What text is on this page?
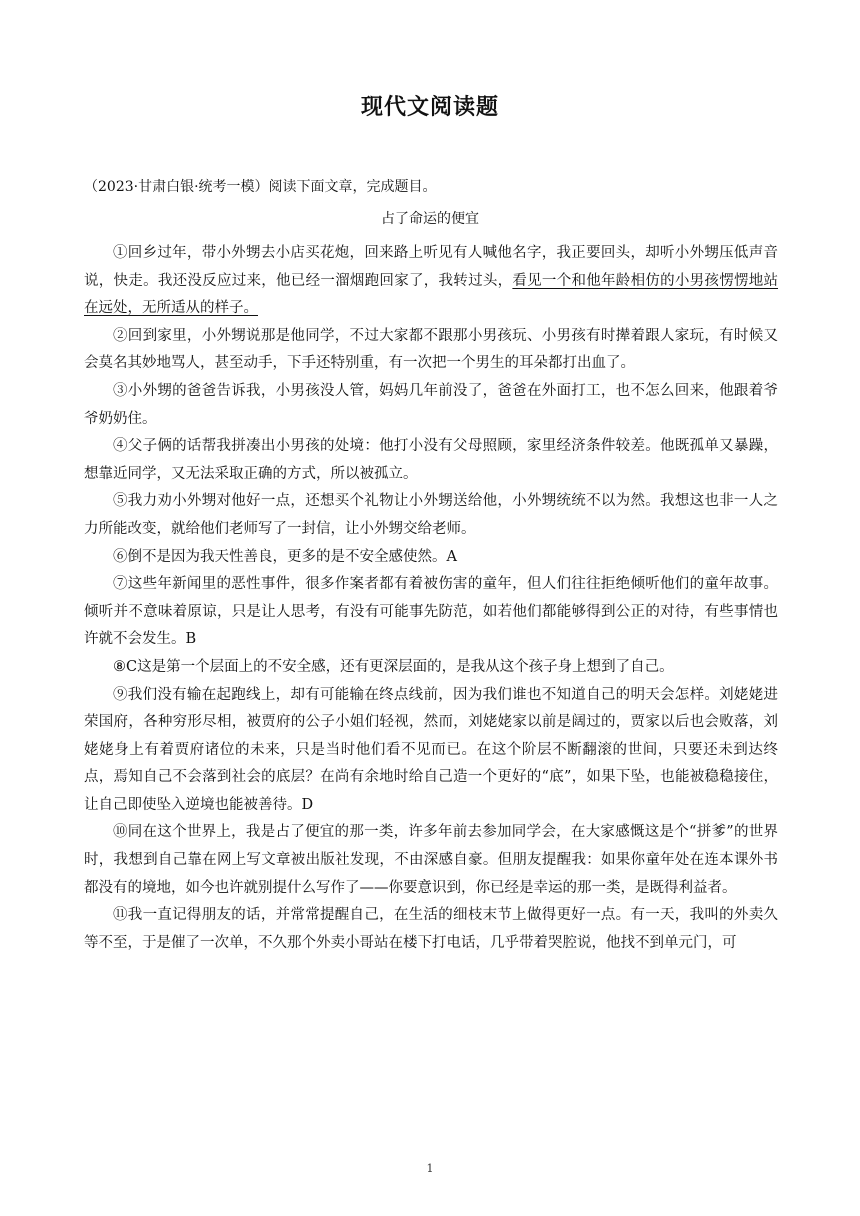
现代文阅读题
（2023·甘肃白银·统考一模）阅读下面文章，完成题目。
占了命运的便宜

①回乡过年，带小外甥去小店买花炮，回来路上听见有人喊他名字，我正要回头，却听小外甥压低声音说，快走。我还没反应过来，他已经一溜烟跑回家了，我转过头，看见一个和他年龄相仿的小男孩愣愣地站在远处，无所适从的样子。

②回到家里，小外甥说那是他同学，不过大家都不跟那小男孩玩、小男孩有时撵着跟人家玩，有时候又会莫名其妙地骂人，甚至动手，下手还特别重，有一次把一个男生的耳朵都打出血了。

③小外甥的爸爸告诉我，小男孩没人管，妈妈几年前没了，爸爸在外面打工，也不怎么回来，他跟着爷爷奶奶住。

④父子俩的话帮我拼凑出小男孩的处境：他打小没有父母照顾，家里经济条件较差。他既孤单又暴躁，想靠近同学，又无法采取正确的方式，所以被孤立。

⑤我力劝小外甥对他好一点，还想买个礼物让小外甥送给他，小外甥统统不以为然。我想这也非一人之力所能改变，就给他们老师写了一封信，让小外甥交给老师。

⑥倒不是因为我天性善良，更多的是不安全感使然。A

⑦这些年新闻里的恶性事件，很多作案者都有着被伤害的童年，但人们往往拒绝倾听他们的童年故事。倾听并不意味着原谅，只是让人思考，有没有可能事先防范，如若他们都能够得到公正的对待，有些事情也许就不会发生。B

⑧C这是第一个层面上的不安全感，还有更深层面的，是我从这个孩子身上想到了自己。

⑨我们没有输在起跑线上，却有可能输在终点线前，因为我们谁也不知道自己的明天会怎样。刘姥姥进荣国府，各种穷形尽相，被贾府的公子小姐们轻视，然而，刘姥姥家以前是阔过的，贾家以后也会败落，刘姥姥身上有着贾府诸位的未来，只是当时他们看不见而已。在这个阶层不断翻滚的世间，只要还未到达终点，焉知自己不会落到社会的底层？在尚有余地时给自己造一个更好的“底”，如果下坠，也能被稳稳接住，让自己即使坠入逆境也能被善待。D

⑩同在这个世界上，我是占了便宜的那一类，许多年前去参加同学会，在大家感慨这是个“拼爹”的世界时，我想到自己靠在网上写文章被出版社发现，不由深感自豪。但朋友提醒我：如果你童年处在连本课外书都没有的境地，如今也许就别提什么写作了——你要意识到，你已经是幸运的那一类，是既得利益者。

⑪我一直记得朋友的话，并常常提醒自己，在生活的细枝末节上做得更好一点。有一天，我叫的外卖久等不至，于是催了一次单，不久那个外卖小哥站在楼下打电话，几乎带着哭腔说，他找不到单元门，可

1
